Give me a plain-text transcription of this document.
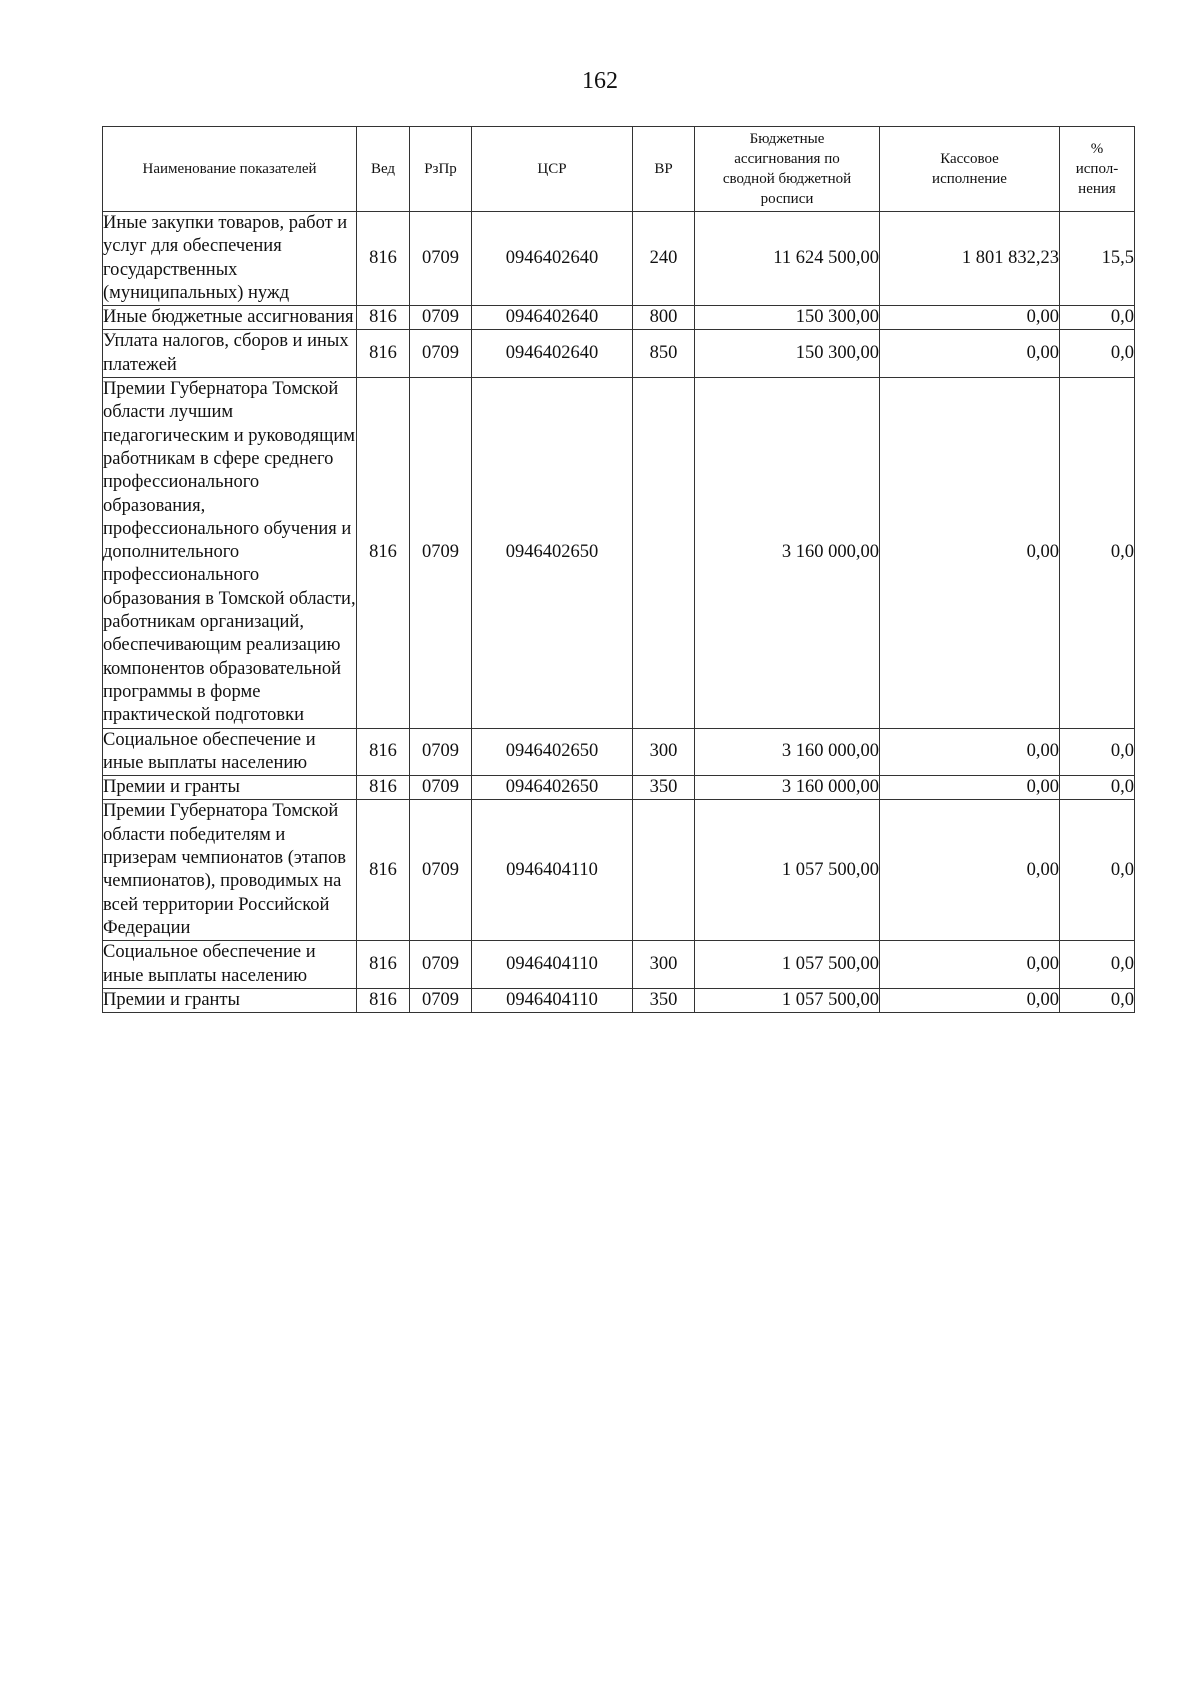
162
Наименование показателей	Вед	РзПр	ЦСР	ВР	Бюджетные ассигнования по сводной бюджетной росписи	Кассовое исполнение	% испол-нения
Иные закупки товаров, работ и услуг для обеспечения государственных (муниципальных) нужд	816	0709	0946402640	240	11 624 500,00	1 801 832,23	15,5
Иные бюджетные ассигнования	816	0709	0946402640	800	150 300,00	0,00	0,0
Уплата налогов, сборов и иных платежей	816	0709	0946402640	850	150 300,00	0,00	0,0
Премии Губернатора Томской области лучшим педагогическим и руководящим работникам в сфере среднего профессионального образования, профессионального обучения и дополнительного профессионального образования в Томской области, работникам организаций, обеспечивающим реализацию компонентов образовательной программы в форме практической подготовки	816	0709	0946402650		3 160 000,00	0,00	0,0
Социальное обеспечение и иные выплаты населению	816	0709	0946402650	300	3 160 000,00	0,00	0,0
Премии и гранты	816	0709	0946402650	350	3 160 000,00	0,00	0,0
Премии Губернатора Томской области победителям и призерам чемпионатов (этапов чемпионатов), проводимых на всей территории Российской Федерации	816	0709	0946404110		1 057 500,00	0,00	0,0
Социальное обеспечение и иные выплаты населению	816	0709	0946404110	300	1 057 500,00	0,00	0,0
Премии и гранты	816	0709	0946404110	350	1 057 500,00	0,00	0,0
